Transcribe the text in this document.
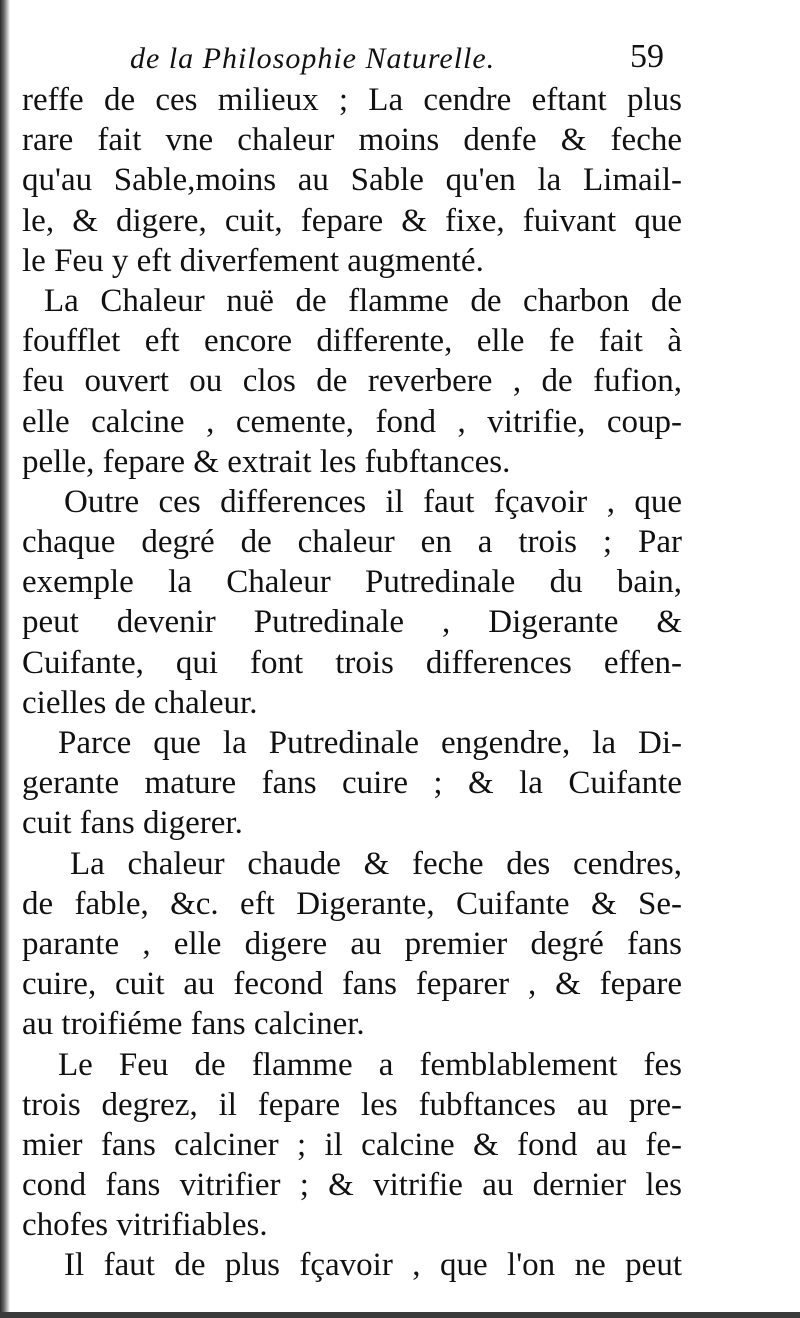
de la Philosophie Naturelle.	59
reffe de ces milieux ; La cendre eftant plus
rare fait vne chaleur moins denfe & feche
qu'au Sable,moins au Sable qu'en la Limail-
le, & digere, cuit, fepare & fixe, fuivant que
le Feu y eft diverfement augmenté.
La Chaleur nuë de flamme de charbon de
foufflet eft encore differente, elle fe fait à
feu ouvert ou clos de reverbere , de fufion,
elle calcine , cemente, fond , vitrifie, coup-
pelle, fepare & extrait les fubftances.
Outre ces differences il faut fçavoir , que
chaque degré de chaleur en a trois ; Par
exemple la Chaleur Putredinale du bain,
peut devenir Putredinale , Digerante &
Cuifante, qui font trois differences effen-
cielles de chaleur.
Parce que la Putredinale engendre, la Di-
gerante mature fans cuire ; & la Cuifante
cuit fans digerer.
La chaleur chaude & feche des cendres,
de fable, &c. eft Digerante, Cuifante & Se-
parante , elle digere au premier degré fans
cuire, cuit au fecond fans feparer , & fepare
au troifiéme fans calciner.
Le Feu de flamme a femblablement fes
trois degrez, il fepare les fubftances au pre-
mier fans calciner ; il calcine & fond au fe-
cond fans vitrifier ; & vitrifie au dernier les
chofes vitrifiables.
Il faut de plus fçavoir , que l'on ne peut
